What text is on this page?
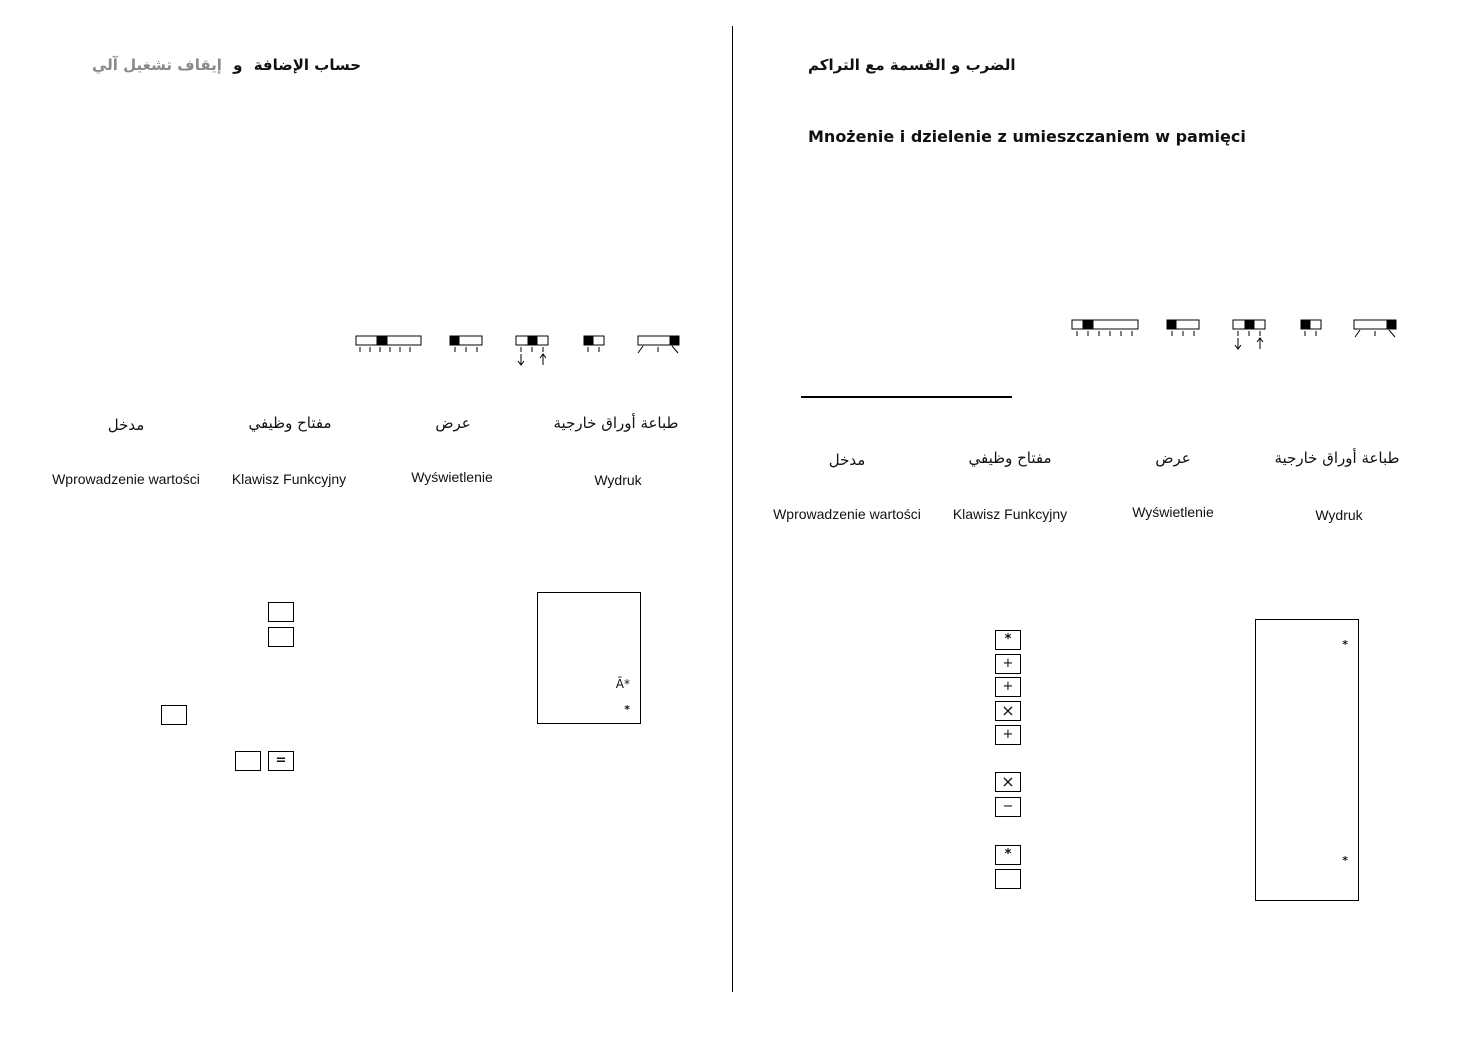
حساب الإضافة و إيقاف تشغيل آلي
مدخل	مفتاح وظيفي	عرض	طباعة أوراق خارجية
Wprowadzenie wartości	Klawisz Funkcyjny	Wyświetlenie	Wydruk
=
Ā*
*
الضرب و القسمة مع التراكم
Mnożenie i dzielenie z umieszczaniem w pamięci
مدخل	مفتاح وظيفي	عرض	طباعة أوراق خارجية
Wprowadzenie wartości	Klawisz Funkcyjny	Wyświetlenie	Wydruk
*
+
+
×
+
×
−
*
*
*
